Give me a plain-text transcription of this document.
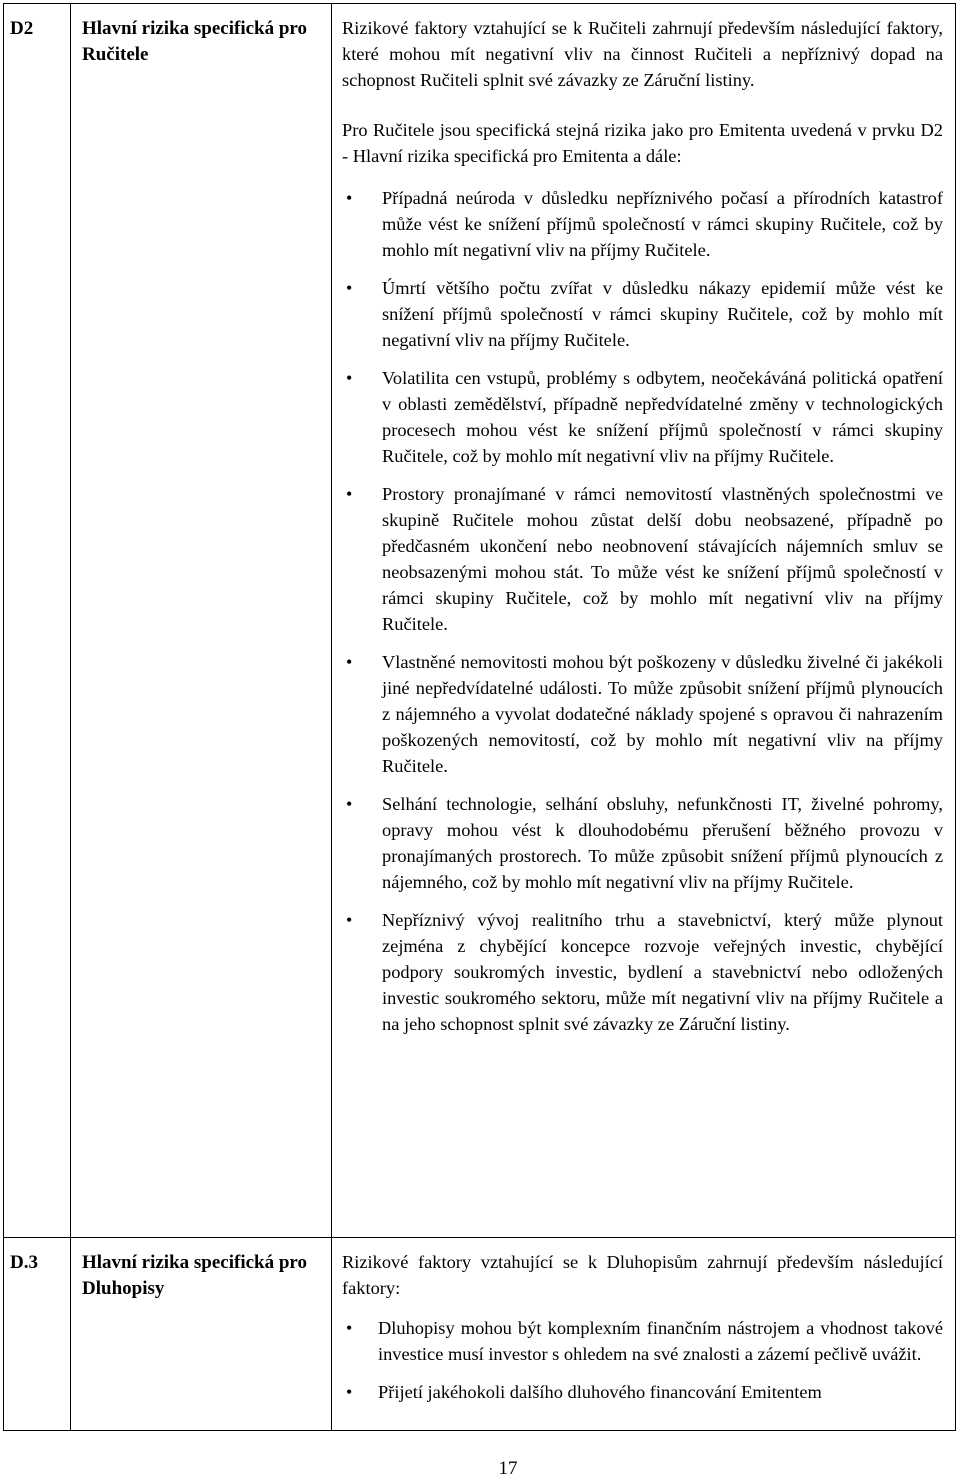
D2	Hlavní rizika specifická pro Ručitele

Rizikové faktory vztahující se k Ručiteli zahrnují především následující faktory, které mohou mít negativní vliv na činnost Ručiteli a nepříznivý dopad na schopnost Ručiteli splnit své závazky ze Záruční listiny.

Pro Ručitele jsou specifická stejná rizika jako pro Emitenta uvedená v prvku D2 - Hlavní rizika specifická pro Emitenta a dále:

• Případná neúroda v důsledku nepříznivého počasí a přírodních katastrof může vést ke snížení příjmů společností v rámci skupiny Ručitele, což by mohlo mít negativní vliv na příjmy Ručitele.
• Úmrtí většího počtu zvířat v důsledku nákazy epidemií může vést ke snížení příjmů společností v rámci skupiny Ručitele, což by mohlo mít negativní vliv na příjmy Ručitele.
• Volatilita cen vstupů, problémy s odbytem, neočekáváná politická opatření v oblasti zemědělství, případně nepředvídatelné změny v technologických procesech mohou vést ke snížení příjmů společností v rámci skupiny Ručitele, což by mohlo mít negativní vliv na příjmy Ručitele.
• Prostory pronajímané v rámci nemovitostí vlastněných společnostmi ve skupině Ručitele mohou zůstat delší dobu neobsazené, případně po předčasném ukončení nebo neobnovení stávajících nájemních smluv se neobsazenými mohou stát. To může vést ke snížení příjmů společností v rámci skupiny Ručitele, což by mohlo mít negativní vliv na příjmy Ručitele.
• Vlastněné nemovitosti mohou být poškozeny v důsledku živelné či jakékoli jiné nepředvídatelné události. To může způsobit snížení příjmů plynoucích z nájemného a vyvolat dodatečné náklady spojené s opravou či nahrazením poškozených nemovitostí, což by mohlo mít negativní vliv na příjmy Ručitele.
• Selhání technologie, selhání obsluhy, nefunkčnosti IT, živelné pohromy, opravy mohou vést k dlouhodobému přerušení běžného provozu v pronajímaných prostorech. To může způsobit snížení příjmů plynoucích z nájemného, což by mohlo mít negativní vliv na příjmy Ručitele.
• Nepříznivý vývoj realitního trhu a stavebnictví, který může plynout zejména z chybějící koncepce rozvoje veřejných investic, chybějící podpory soukromých investic, bydlení a stavebnictví nebo odložených investic soukromého sektoru, může mít negativní vliv na příjmy Ručitele a na jeho schopnost splnit své závazky ze Záruční listiny.
D.3 Hlavní rizika specifická pro Dluhopisy

Rizikové faktory vztahující se k Dluhopisům zahrnují především následující faktory:

• Dluhopisy mohou být komplexním finančním nástrojem a vhodnost takové investice musí investor s ohledem na své znalosti a zázemí pečlivě uvážit.
• Přijetí jakéhokoli dalšího dluhového financování Emitentem
17
